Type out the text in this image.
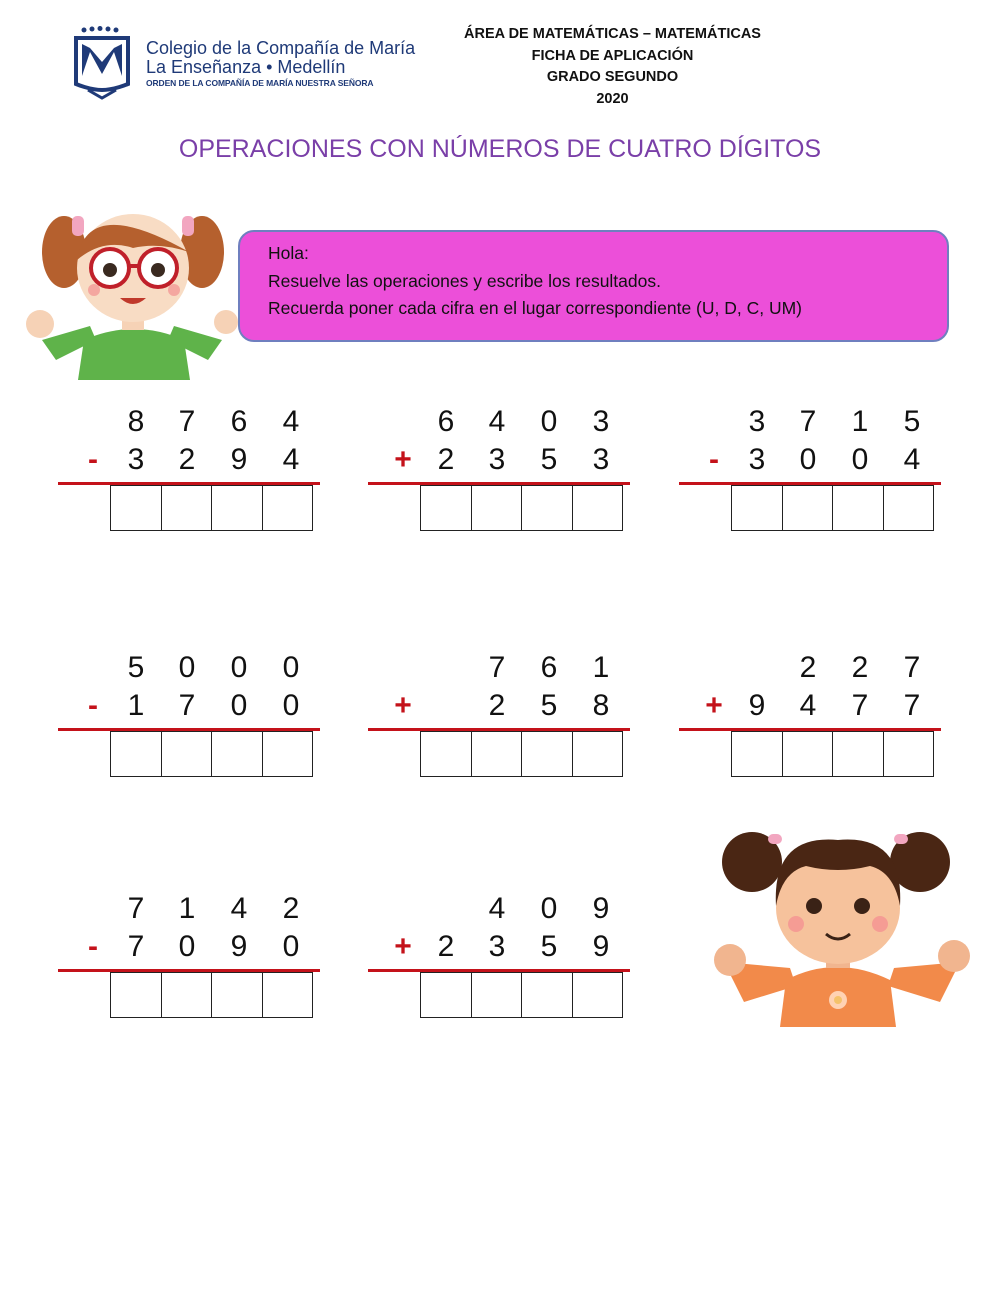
Colegio de la Compañía de María
La Enseñanza • Medellín
ORDEN DE LA COMPAÑÍA DE MARÍA NUESTRA SEÑORA
ÁREA DE MATEMÁTICAS – MATEMÁTICAS
FICHA DE APLICACIÓN
GRADO SEGUNDO
2020
OPERACIONES CON NÚMEROS DE CUATRO DÍGITOS
Hola:
Resuelve las operaciones y escribe los resultados.
Recuerda poner cada cifra en el lugar correspondiente (U, D, C, UM)
8 7 6 4
- 3 2 9 4
6 4 0 3
+ 2 3 5 3
3 7 1 5
- 3 0 0 4
5 0 0 0
- 1 7 0 0
7 6 1
+	2 5 8
2 2 7
+ 9 4 7 7
7 1 4 2
- 7 0 9 0
4 0 9
+ 2 3 5 9
